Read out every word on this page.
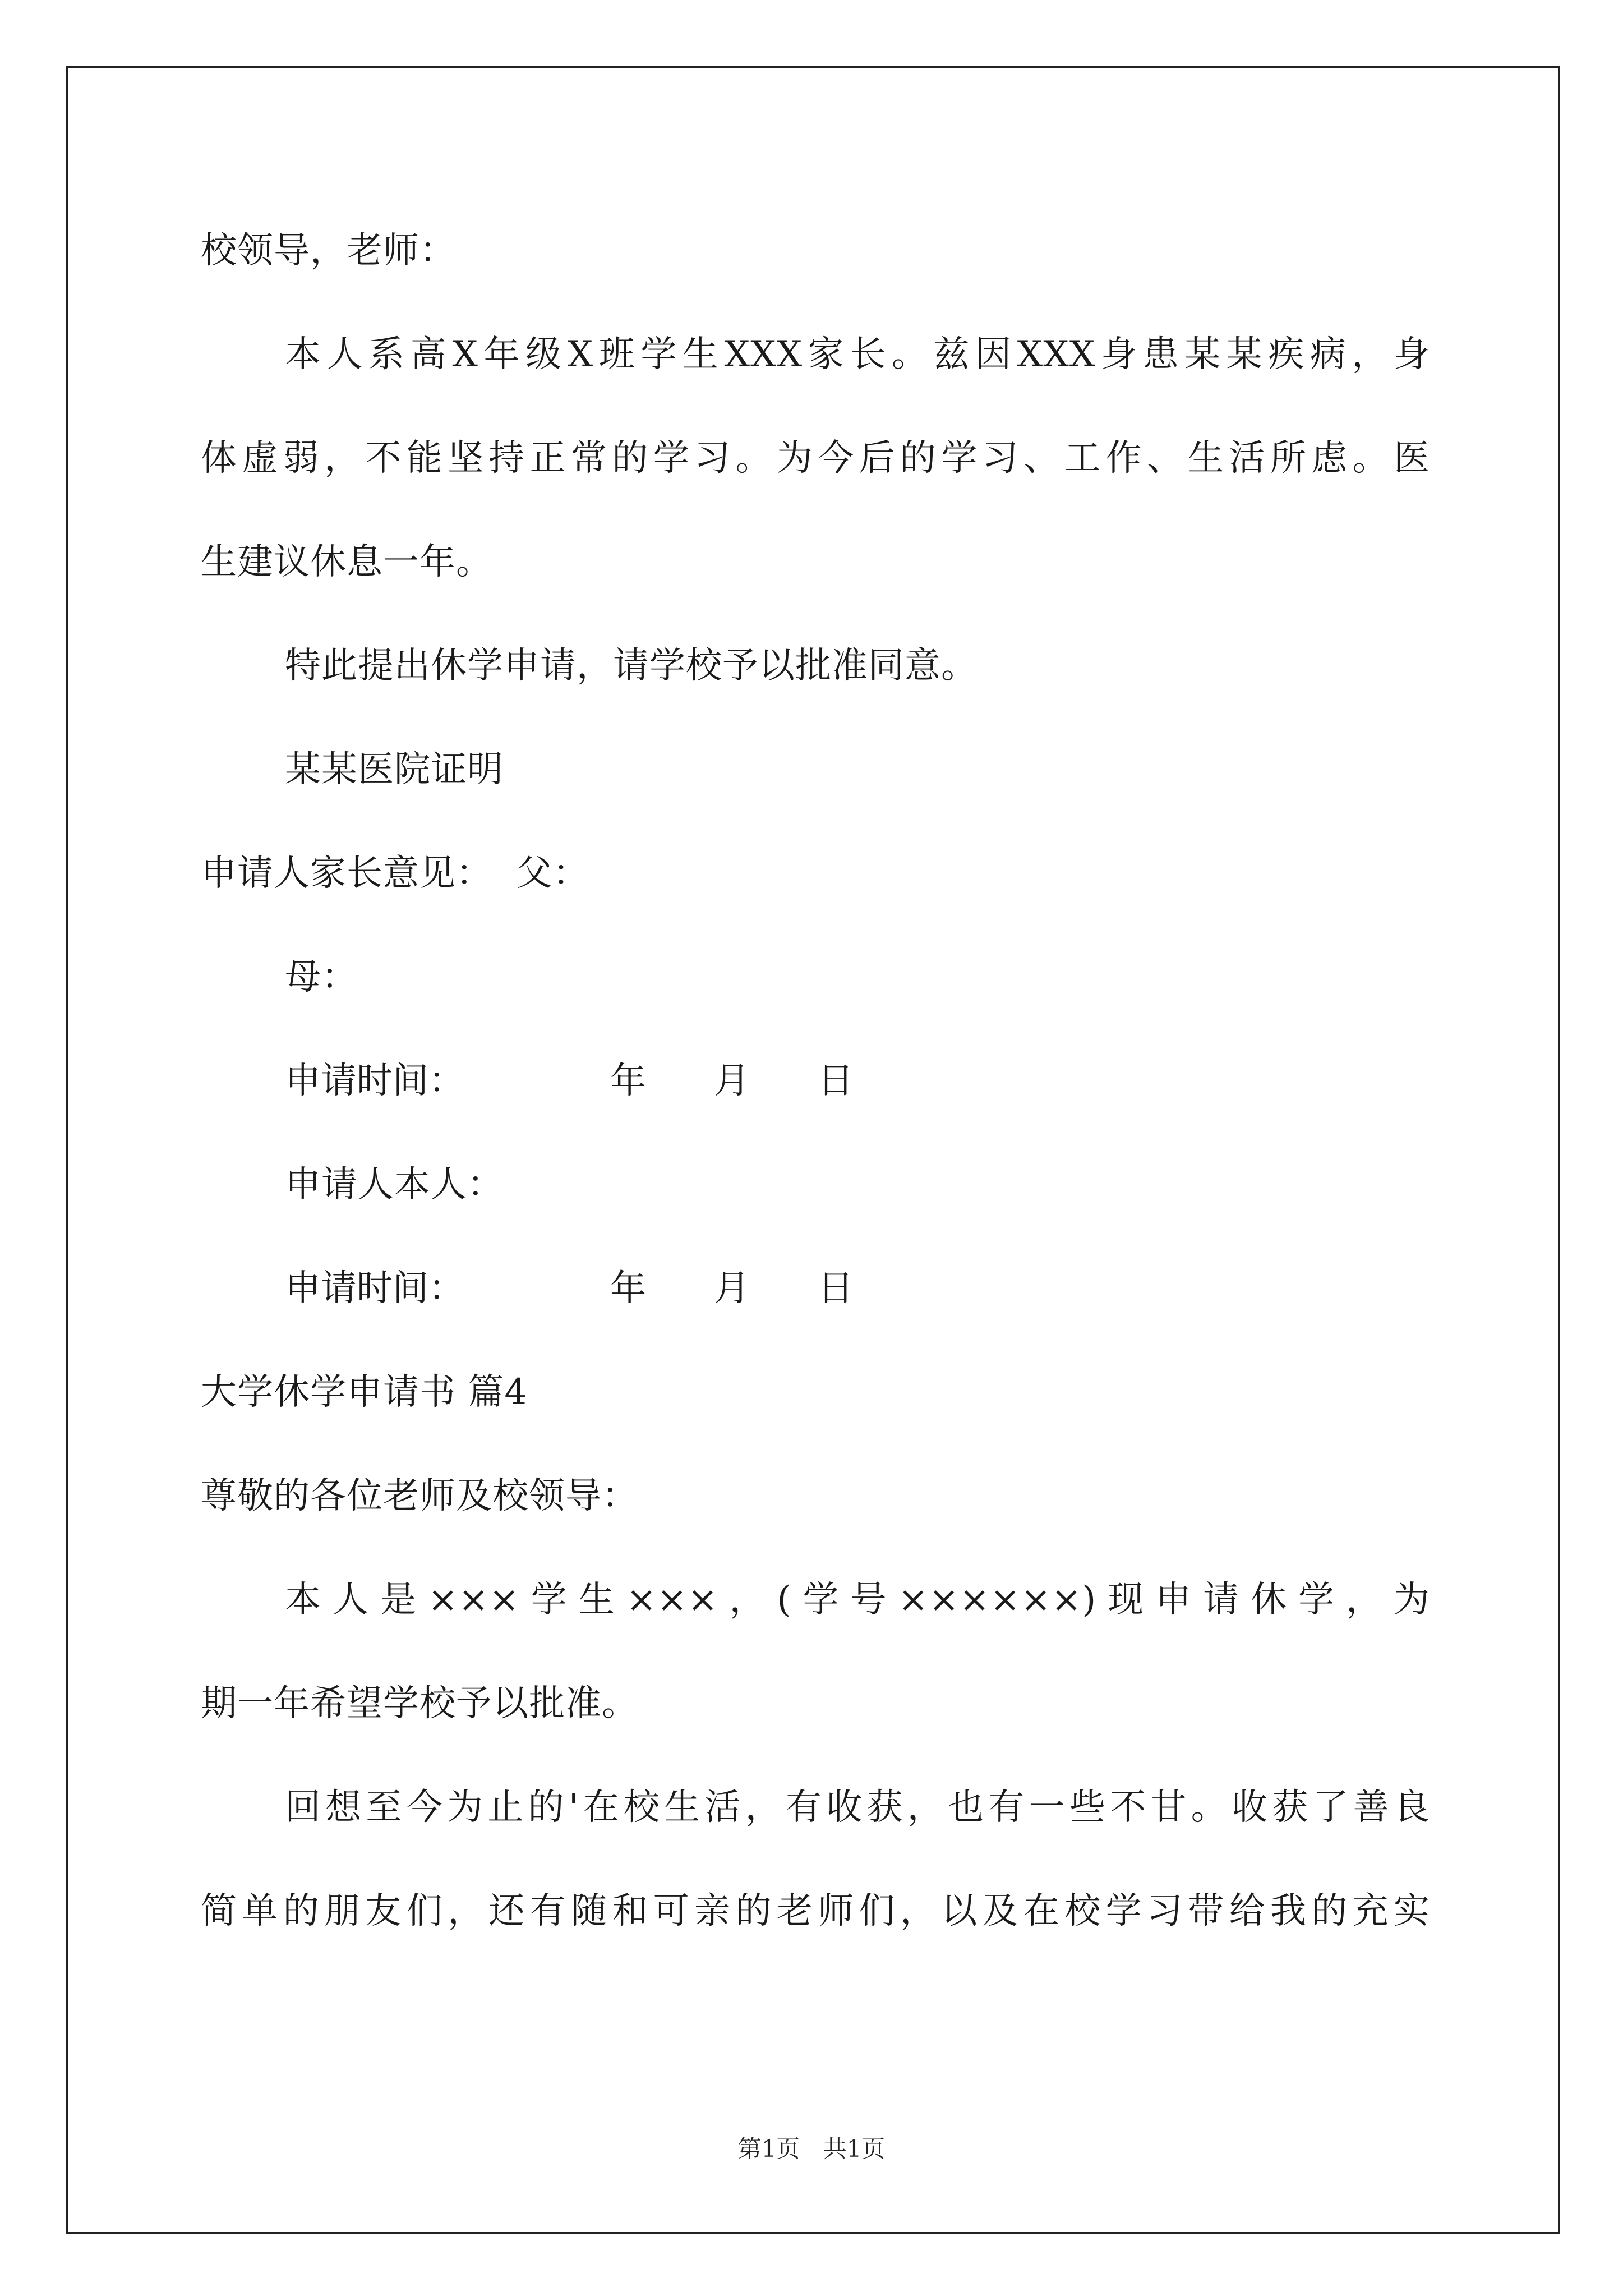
校领导，老师：
本人系高X年级X班学生XXX家长。兹因XXX身患某某疾病，身
体虚弱，不能坚持正常的学习。为今后的学习、工作、生活所虑。医
生建议休息一年。
特此提出休学申请，请学校予以批准同意。
某某医院证明
申请人家长意见：  父：
母：
申请时间：	年 月 日
申请人本人：
申请时间：	年 月 日
大学休学申请书 篇4
尊敬的各位老师及校领导：
本人是×××学生×××，(学号××××××)现申请休学，为
期一年希望学校予以批准。
回想至今为止的'在校生活，有收获，也有一些不甘。收获了善良
简单的朋友们，还有随和可亲的老师们，以及在校学习带给我的充实
第1页 共1页
